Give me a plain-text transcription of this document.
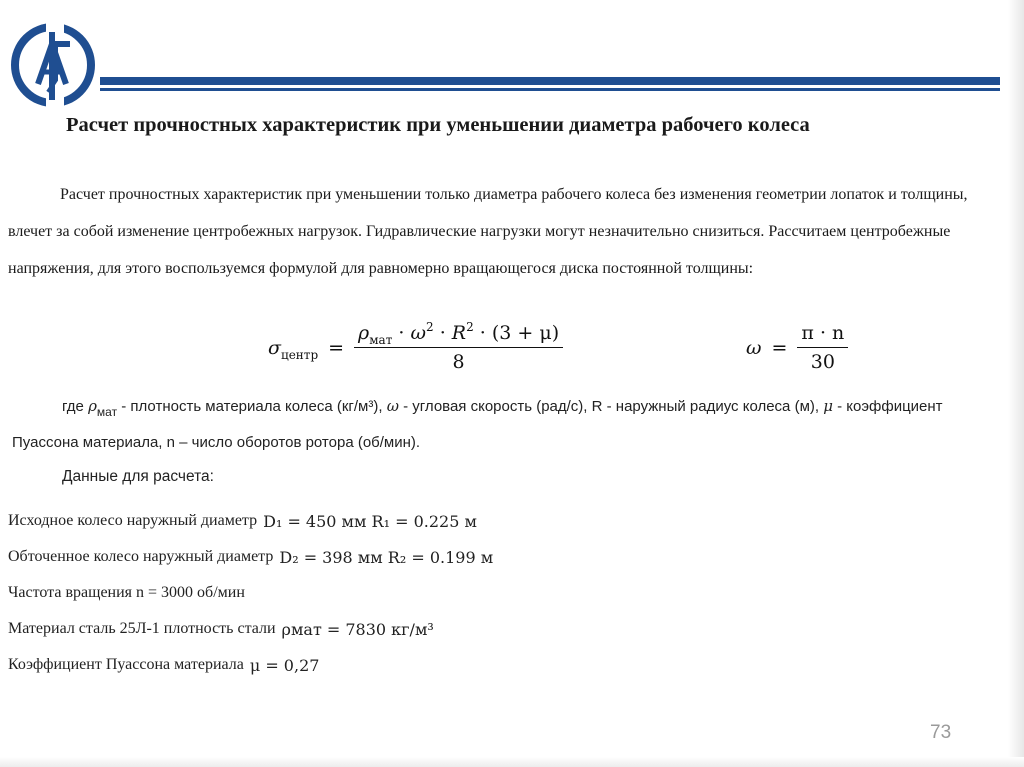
Расчет прочностных характеристик при уменьшении диаметра рабочего колеса
Расчет прочностных характеристик при уменьшении только диаметра рабочего колеса без изменения геометрии лопаток и толщины, влечет за собой изменение центробежных нагрузок. Гидравлические нагрузки могут незначительно снизиться. Рассчитаем центробежные напряжения, для этого воспользуемся формулой для равномерно вращающегося диска постоянной толщины:
$\sigma_{центр}$ =
$\rho_{мат} \cdot \omega^2 \cdot R^2 \cdot (3 + \mu)$
8
$\omega = \frac{\pi \cdot n}{30}$
где $\rho_{мат}$ - плотность материала колеса (кг/м³), ω - угловая скорость (рад/с), R - наружный радиус колеса (м), μ - коэффициент Пуассона материала, n – число оборотов ротора (об/мин).
Данные для расчета:
Исходное колесо наружный диаметр D₁ = 450 мм R₁ = 0.225 м
Обточенное колесо наружный диаметр D₂ = 398 мм R₂ = 0.199 м
Частота вращения n = 3000 об/мин
Материал сталь 25Л-1 плотность стали ρмат = 7830 кг/м³
Коэффициент Пуассона материала μ = 0,27
73
